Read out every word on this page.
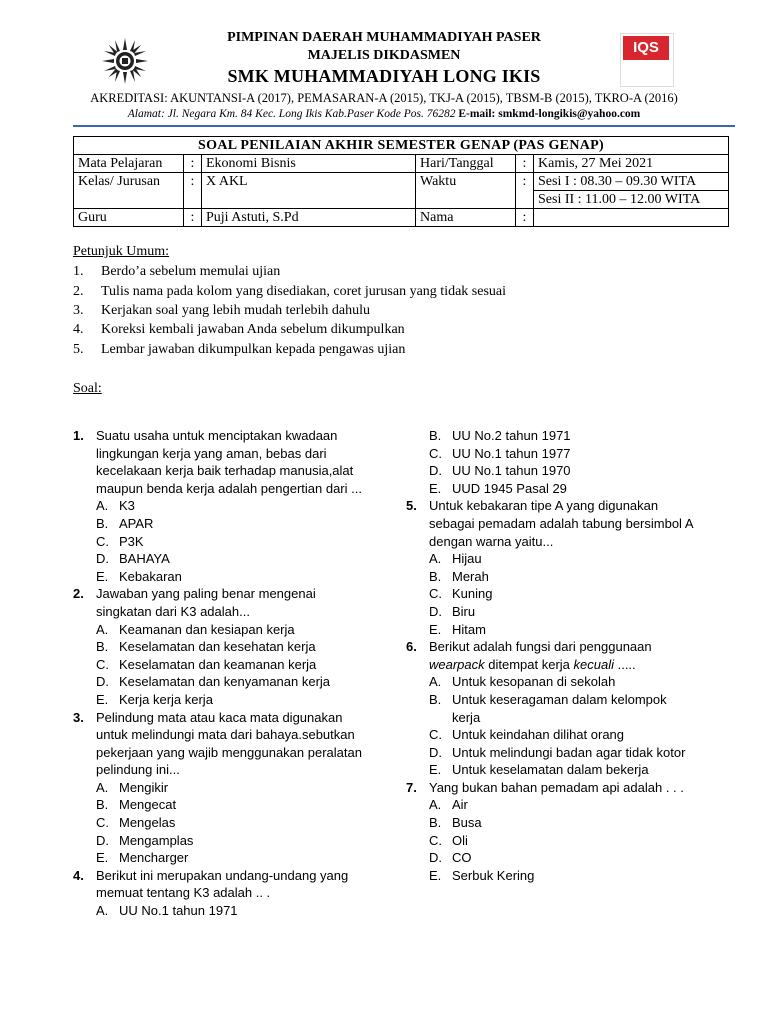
IQS
PIMPINAN DAERAH MUHAMMADIYAH PASER
MAJELIS DIKDASMEN
SMK MUHAMMADIYAH LONG IKIS
AKREDITASI: AKUNTANSI-A (2017), PEMASARAN-A (2015), TKJ-A (2015), TBSM-B (2015), TKRO-A (2016)
Alamat: Jl. Negara Km. 84 Kec. Long Ikis Kab.Paser Kode Pos. 76282 E-mail: smkmd-longikis@yahoo.com
SOAL PENILAIAN AKHIR SEMESTER GENAP (PAS GENAP)					
Mata Pelajaran	:	Ekonomi Bisnis	Hari/Tanggal	:	Kamis, 27 Mei 2021
Kelas/ Jurusan	:	X AKL	Waktu	:	Sesi I : 08.30 – 09.30 WITA
					Sesi II : 11.00 – 12.00 WITA
Guru	:	Puji Astuti, S.Pd	Nama	:	
Petunjuk Umum:
1. Berdo’a sebelum memulai ujian
2. Tulis nama pada kolom yang disediakan, coret jurusan yang tidak sesuai
3. Kerjakan soal yang lebih mudah terlebih dahulu
4. Koreksi kembali jawaban Anda sebelum dikumpulkan
5. Lembar jawaban dikumpulkan kepada pengawas ujian
Soal:
1. Suatu usaha untuk menciptakan kwadaan lingkungan kerja yang aman, bebas dari kecelakaan kerja baik terhadap manusia,alat maupun benda kerja adalah pengertian dari ...
A. K3
B. APAR
C. P3K
D. BAHAYA
E. Kebakaran
2. Jawaban yang paling benar mengenai singkatan dari K3 adalah...
A. Keamanan dan kesiapan kerja
B. Keselamatan dan kesehatan kerja
C. Keselamatan dan keamanan kerja
D. Keselamatan dan kenyamanan kerja
E. Kerja kerja kerja
3. Pelindung mata atau kaca mata digunakan untuk melindungi mata dari bahaya.sebutkan pekerjaan yang wajib menggunakan peralatan pelindung ini...
A. Mengikir
B. Mengecat
C. Mengelas
D. Mengamplas
E. Mencharger
4. Berikut ini merupakan undang-undang yang memuat tentang K3 adalah .. .
A. UU No.1 tahun 1971
B. UU No.2 tahun 1971
C. UU No.1 tahun 1977
D. UU No.1 tahun 1970
E. UUD 1945 Pasal 29
5. Untuk kebakaran tipe A yang digunakan sebagai pemadam adalah tabung bersimbol A dengan warna yaitu...
A. Hijau
B. Merah
C. Kuning
D. Biru
E. Hitam
6. Berikut adalah fungsi dari penggunaan wearpack ditempat kerja kecuali .....
A. Untuk kesopanan di sekolah
B. Untuk keseragaman dalam kelompok kerja
C. Untuk keindahan dilihat orang
D. Untuk melindungi badan agar tidak kotor
E. Untuk keselamatan dalam bekerja
7. Yang bukan bahan pemadam api adalah . . .
A. Air
B. Busa
C. Oli
D. CO
E. Serbuk Kering
